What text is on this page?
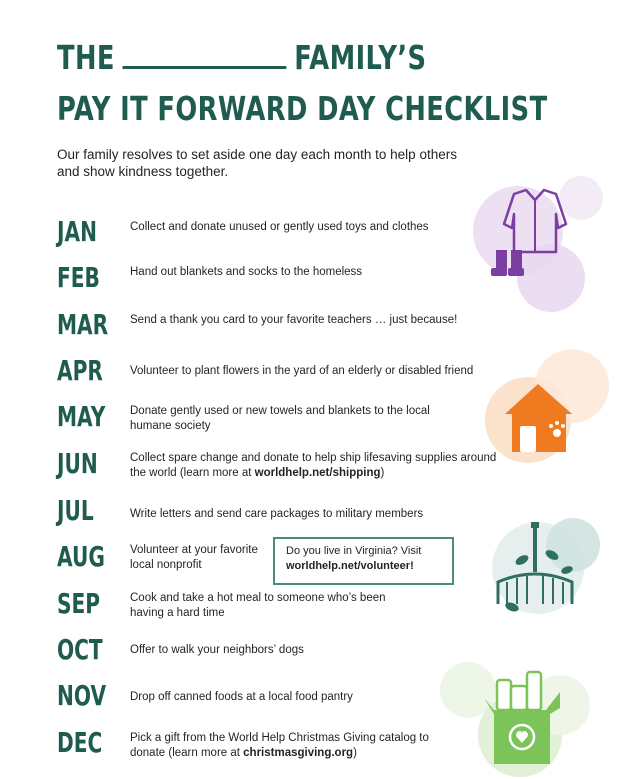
THE	FAMILY’S
PAY IT FORWARD DAY CHECKLIST

Our family resolves to set aside one day each month to help others and show kindness together.

JAN	Collect and donate unused or gently used toys and clothes
FEB	Hand out blankets and socks to the homeless
MAR Send a thank you card to your favorite teachers … just because!
APR Volunteer to plant flowers in the yard of an elderly or disabled friend
MAY Donate gently used or new towels and blankets to the local humane society
JUN	Collect spare change and donate to help ship lifesaving supplies around the world (learn more at worldhelp.net/shipping)
JUL	Write letters and send care packages to military members
AUG Volunteer at your favorite local nonprofit
Do you live in Virginia? Visit
worldhelp.net/volunteer!
SEP	Cook and take a hot meal to someone who’s been having a hard time
OCT Offer to walk your neighbors’ dogs
NOV Drop off canned foods at a local food pantry
DEC Pick a gift from the World Help Christmas Giving catalog to donate (learn more at christmasgiving.org)
